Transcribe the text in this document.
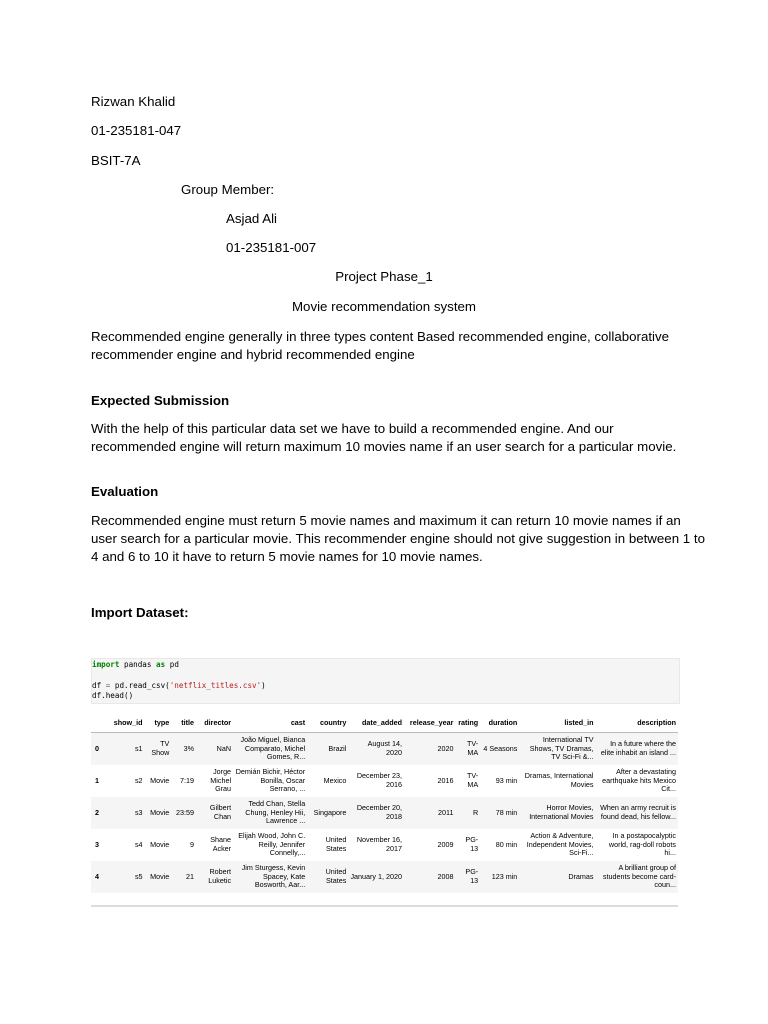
Rizwan Khalid
01-235181-047
BSIT-7A
Group Member:
Asjad Ali
01-235181-007
Project Phase_1
Movie recommendation system
Recommended engine generally in three types content Based recommended engine, collaborative
recommender engine and hybrid recommended engine
Expected Submission
With the help of this particular data set we have to build a recommended engine. And our
recommended engine will return maximum 10 movies name if an user search for a particular movie.
Evaluation
Recommended engine must return 5 movie names and maximum it can return 10 movie names if an
user search for a particular movie. This recommender engine should not give suggestion in between 1 to
4 and 6 to 10 it have to return 5 movie names for 10 movie names.
Import Dataset:
import pandas as pd
df = pd.read_csv('netflix_titles.csv')
df.head()
	show_id	type	title	director	cast	country	date_added	release_year	rating	duration	listed_in	description
0	s1	TV Show	3%	NaN	João Miguel, Bianca Comparato, Michel Gomes, R...	Brazil	August 14, 2020	2020	TV-MA	4 Seasons	International TV Shows, TV Dramas, TV Sci-Fi &...	In a future where the elite inhabit an island ...
1	s2	Movie	7:19	Jorge Michel Grau	Demián Bichir, Héctor Bonilla, Oscar Serrano, ...	Mexico	December 23, 2016	2016	TV-MA	93 min	Dramas, International Movies	After a devastating earthquake hits Mexico Cit...
2	s3	Movie	23:59	Gilbert Chan	Tedd Chan, Stella Chung, Henley Hii, Lawrence ...	Singapore	December 20, 2018	2011	R	78 min	Horror Movies, International Movies	When an army recruit is found dead, his fellow...
3	s4	Movie	9	Shane Acker	Elijah Wood, John C. Reilly, Jennifer Connelly,...	United States	November 16, 2017	2009	PG-13	80 min	Action & Adventure, Independent Movies, Sci-Fi...	In a postapocalyptic world, rag-doll robots hi...
4	s5	Movie	21	Robert Luketic	Jim Sturgess, Kevin Spacey, Kate Bosworth, Aar...	United States	January 1, 2020	2008	PG-13	123 min	Dramas	A brilliant group of students become card-coun...
